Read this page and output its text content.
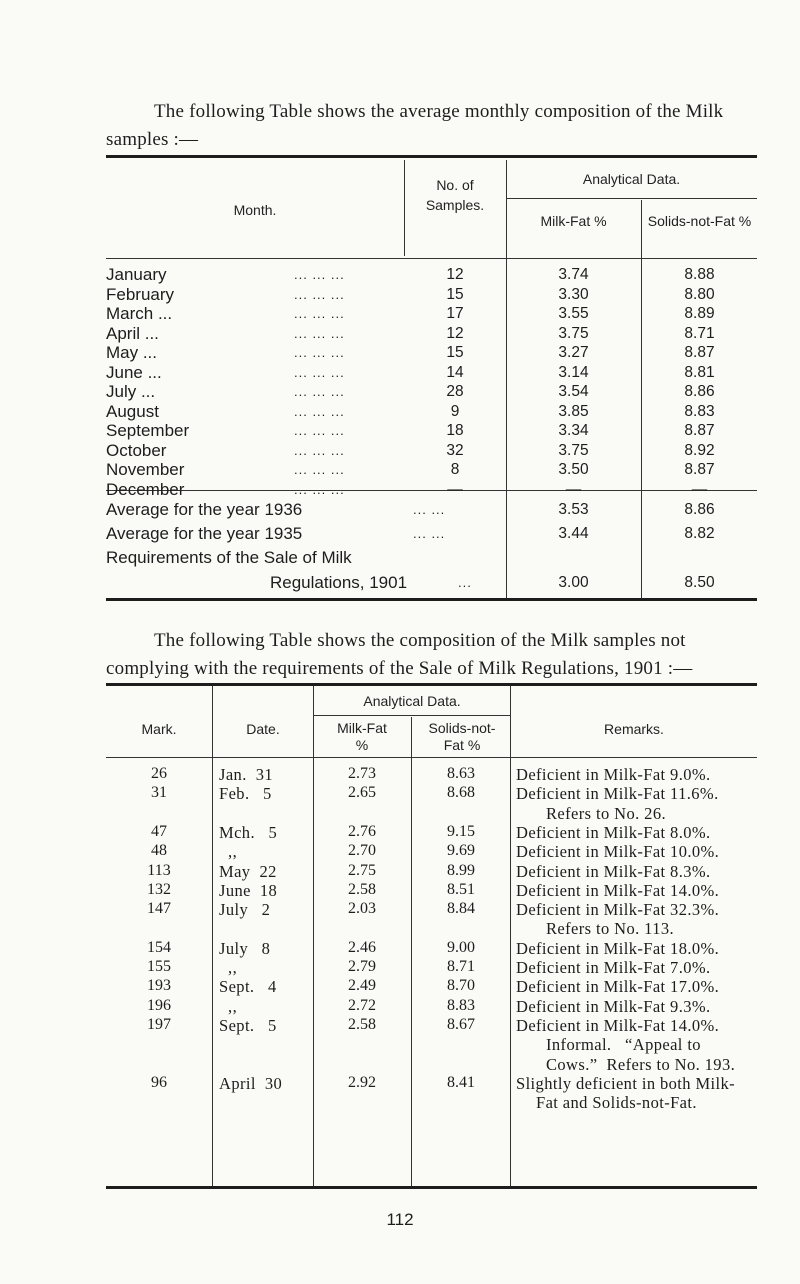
The following Table shows the average monthly composition of the Milk
samples :—
Month.
No. of Samples.
Analytical Data.
Milk-Fat %	Solids-not-Fat %
January	... ... ...	12	3.74	8.88
February	... ... ...	15	3.30	8.80
March ...	... ... ...	17	3.55	8.89
April ...	... ... ...	12	3.75	8.71
May ...	... ... ...	15	3.27	8.87
June ...	... ... ...	14	3.14	8.81
July ...	... ... ...	28	3.54	8.86
August	... ... ...	9	3.85	8.83
September	... ... ...	18	3.34	8.87
October	... ... ...	32	3.75	8.92
November	... ... ...	8	3.50	8.87
December	... ... ...	—	—	—
Average for the year 1936	... ...	3.53	8.86
Average for the year 1935	... ...	3.44	8.82
Requirements of the Sale of Milk
Regulations, 1901	...	3.00	8.50
The following Table shows the composition of the Milk samples not
complying with the requirements of the Sale of Milk Regulations, 1901 :—
Mark.	Date.
Analytical Data.
Milk-Fat %
Solids-not- Fat %
Remarks.
26	Jan.  31	2.73	8.63	Deficient in Milk-Fat 9.0%.
31	Feb.   5	2.65	8.68	Deficient in Milk-Fat 11.6%.
Refers to No. 26.
47	Mch.   5	2.76	9.15	Deficient in Milk-Fat 8.0%.
48	,,	2.70	9.69	Deficient in Milk-Fat 10.0%.
113	May  22	2.75	8.99	Deficient in Milk-Fat 8.3%.
132	June  18	2.58	8.51	Deficient in Milk-Fat 14.0%.
147	July   2	2.03	8.84	Deficient in Milk-Fat 32.3%.
Refers to No. 113.
154	July   8	2.46	9.00	Deficient in Milk-Fat 18.0%.
155	,,	2.79	8.71	Deficient in Milk-Fat 7.0%.
193	Sept.   4	2.49	8.70	Deficient in Milk-Fat 17.0%.
196	,,	2.72	8.83	Deficient in Milk-Fat 9.3%.
197	Sept.   5	2.58	8.67	Deficient in Milk-Fat 14.0%.
Informal.   “Appeal to
Cows.”  Refers to No. 193.
96	April  30	2.92	8.41	Slightly deficient in both Milk-
Fat and Solids-not-Fat.
112
